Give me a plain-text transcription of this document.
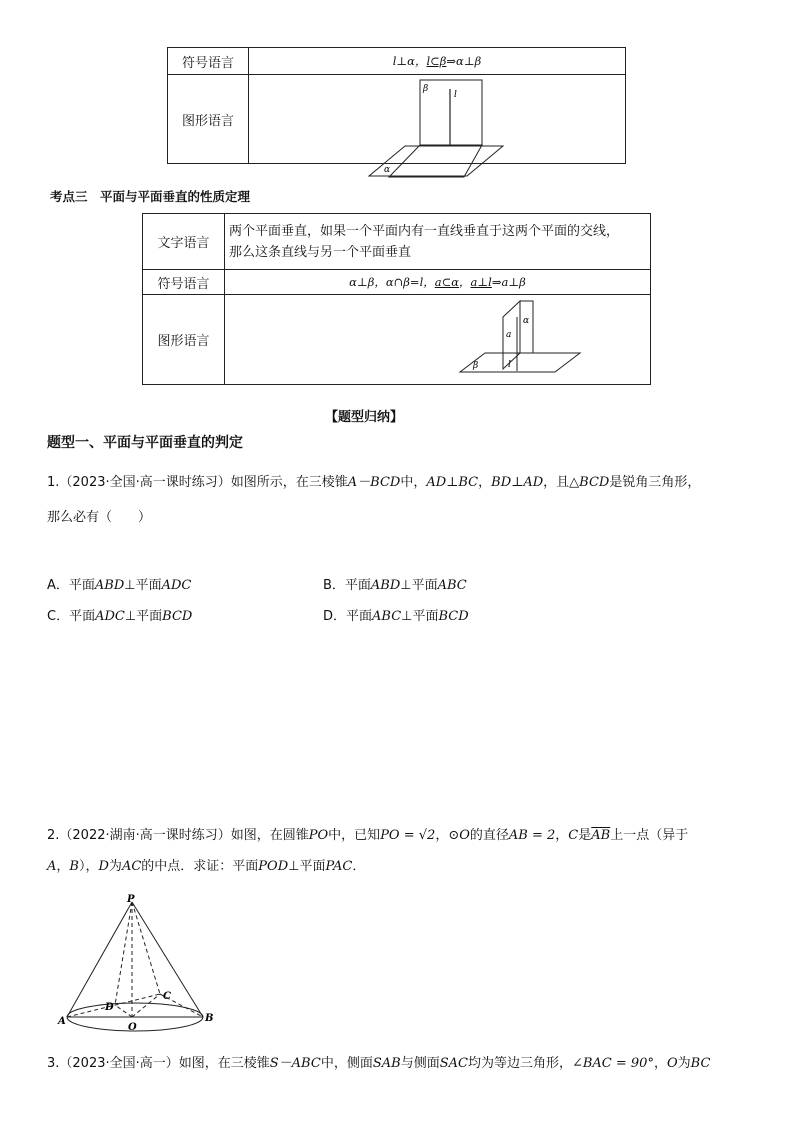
符号语言	l⊥α，l⊂β⇒α⊥β
图形语言	β
l
α
考点三　平面与平面垂直的性质定理
文字语言	两个平面垂直，如果一个平面内有一直线垂直于这两个平面的交线，
那么这条直线与另一个平面垂直

符号语言	α⊥β，α∩β=l，a⊂α，a⊥l⇒a⊥β
图形语言	a
α
β l
【题型归纳】
题型一、平面与平面垂直的判定
1.（2023·全国·高一课时练习）如图所示，在三棱锥A－BCD中，AD⊥BC，BD⊥AD，且△BCD是锐角三角形，
那么必有（　　）
A．平面ABD⊥平面ADC	B．平面ABD⊥平面ABC
C．平面ADC⊥平面BCD	D．平面ABC⊥平面BCD
2.（2022·湖南·高一课时练习）如图，在圆锥PO中，已知PO = √2，⊙O的直径AB = 2，C是$\overline{AB}$上一点（异于
A，B），D为AC的中点．求证：平面POD⊥平面PAC．
P
A	B
C
D
O
3.（2023·全国·高一）如图，在三棱锥S－ABC中，侧面SAB与侧面SAC均为等边三角形，∠BAC = 90°，O为BC
